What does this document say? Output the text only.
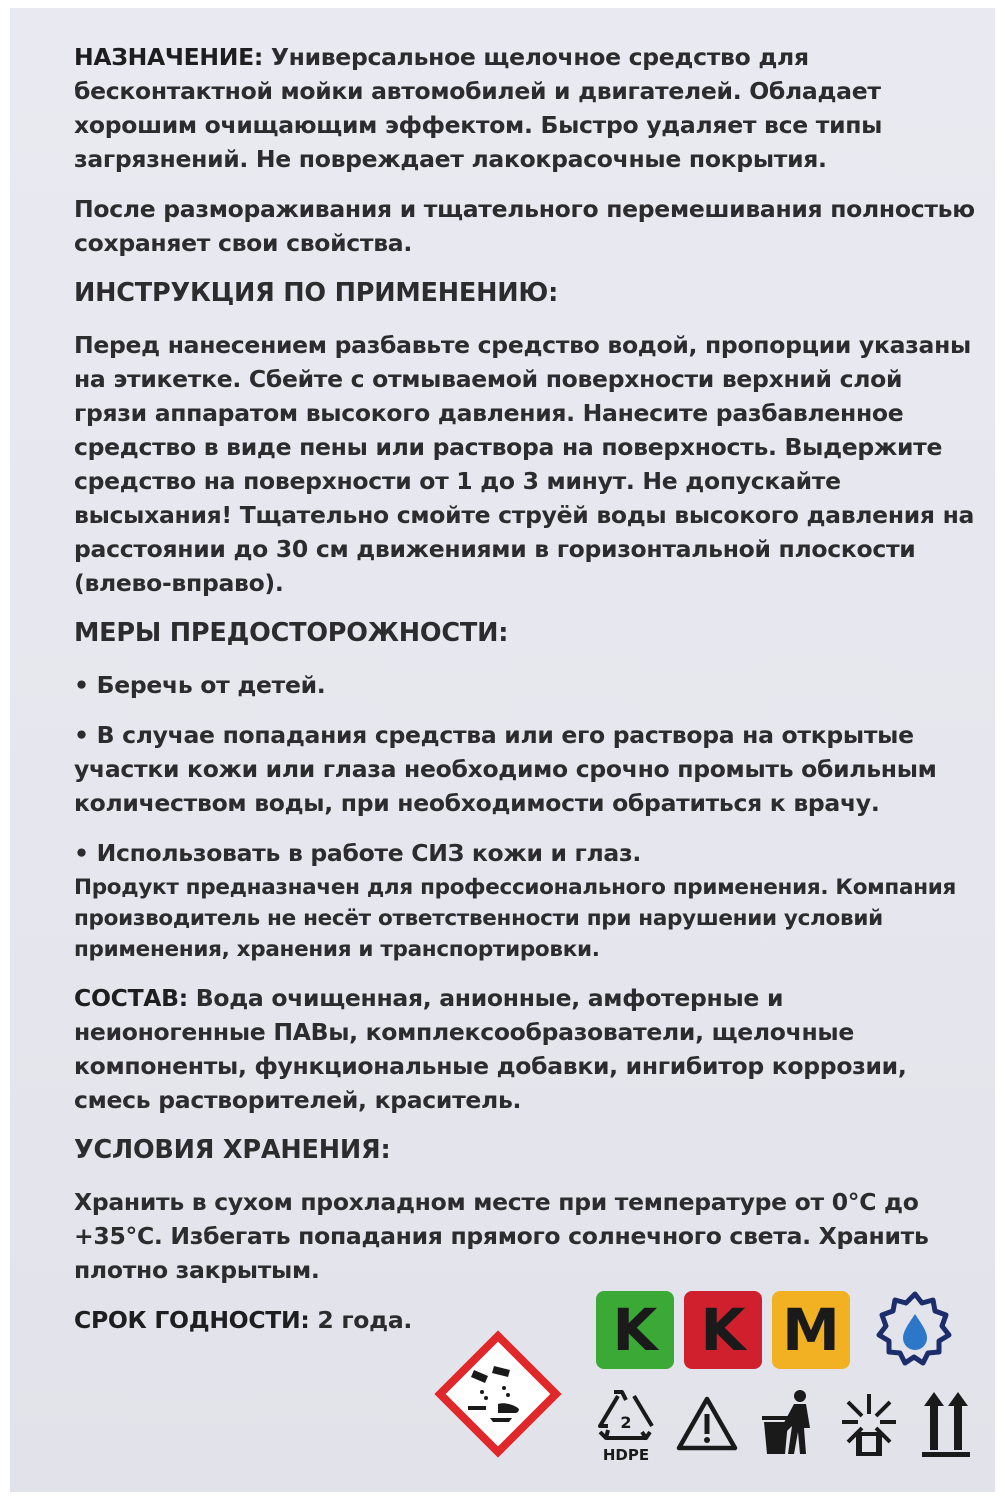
НАЗНАЧЕНИЕ: Универсальное щелочное средство для бесконтактной мойки автомобилей и двигателей. Обладает хорошим очищающим эффектом. Быстро удаляет все типы загрязнений. Не повреждает лакокрасочные покрытия.

После размораживания и тщательного перемешивания полностью сохраняет свои свойства.

ИНСТРУКЦИЯ ПО ПРИМЕНЕНИЮ:

Перед нанесением разбавьте средство водой, пропорции указаны на этикетке. Сбейте с отмываемой поверхности верхний слой грязи аппаратом высокого давления. Нанесите разбавленное средство в виде пены или раствора на поверхность. Выдержите средство на поверхности от 1 до 3 минут. Не допускайте высыхания! Тщательно смойте струёй воды высокого давления на расстоянии до 30 см движениями в горизонтальной плоскости (влево-вправо).

МЕРЫ ПРЕДОСТОРОЖНОСТИ:

• Беречь от детей.

• В случае попадания средства или его раствора на открытые участки кожи или глаза необходимо срочно промыть обильным количеством воды, при необходимости обратиться к врачу.

• Использовать в работе СИЗ кожи и глаз.

Продукт предназначен для профессионального применения. Компания производитель не несёт ответственности при нарушении условий применения, хранения и транспортировки.

СОСТАВ: Вода очищенная, анионные, амфотерные и неионогенные ПАВы, комплексообразователи, щелочные компоненты, функциональные добавки, ингибитор коррозии, смесь растворителей, краситель.

УСЛОВИЯ ХРАНЕНИЯ:

Хранить в сухом прохладном месте при температуре от 0°С до +35°С. Избегать попадания прямого солнечного света. Хранить плотно закрытым.

СРОК ГОДНОСТИ: 2 года.	K K M
2
HDPE
